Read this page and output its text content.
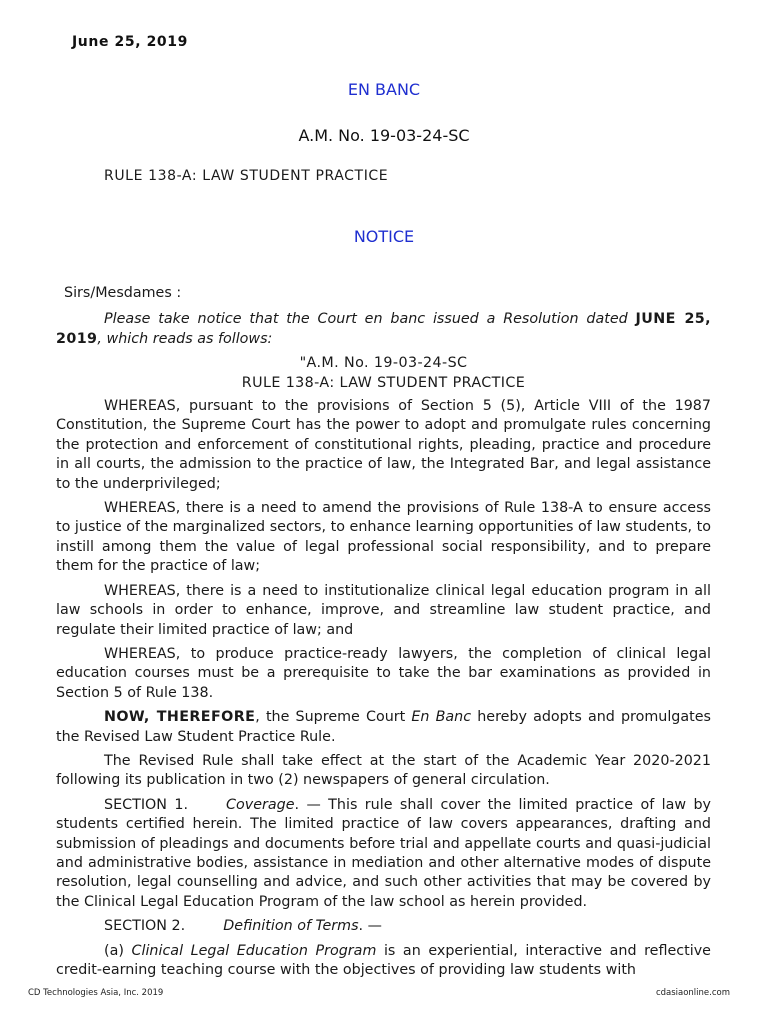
June 25, 2019
EN BANC
A.M. No. 19-03-24-SC
RULE 138-A: LAW STUDENT PRACTICE
NOTICE

Sirs/Mesdames :

Please take notice that the Court en banc issued a Resolution dated JUNE 25, 2019, which reads as follows:

"A.M. No. 19-03-24-SC

RULE 138-A: LAW STUDENT PRACTICE

WHEREAS, pursuant to the provisions of Section 5 (5), Article VIII of the 1987 Constitution, the Supreme Court has the power to adopt and promulgate rules concerning the protection and enforcement of constitutional rights, pleading, practice and procedure in all courts, the admission to the practice of law, the Integrated Bar, and legal assistance to the underprivileged;

WHEREAS, there is a need to amend the provisions of Rule 138-A to ensure access to justice of the marginalized sectors, to enhance learning opportunities of law students, to instill among them the value of legal professional social responsibility, and to prepare them for the practice of law;

WHEREAS, there is a need to institutionalize clinical legal education program in all law schools in order to enhance, improve, and streamline law student practice, and regulate their limited practice of law; and

WHEREAS, to produce practice-ready lawyers, the completion of clinical legal education courses must be a prerequisite to take the bar examinations as provided in Section 5 of Rule 138.

NOW, THEREFORE, the Supreme Court En Banc hereby adopts and promulgates the Revised Law Student Practice Rule.

The Revised Rule shall take effect at the start of the Academic Year 2020-2021 following its publication in two (2) newspapers of general circulation.

SECTION 1.	Coverage. — This rule shall cover the limited practice of law by students certified herein. The limited practice of law covers appearances, drafting and submission of pleadings and documents before trial and appellate courts and quasi-judicial and administrative bodies, assistance in mediation and other alternative modes of dispute resolution, legal counselling and advice, and such other activities that may be covered by the Clinical Legal Education Program of the law school as herein provided.

SECTION 2.	Definition of Terms. —

(a) Clinical Legal Education Program is an experiential, interactive and reflective credit-earning teaching course with the objectives of providing law students with

CD Technologies Asia, Inc. 2019	cdasiaonline.com
